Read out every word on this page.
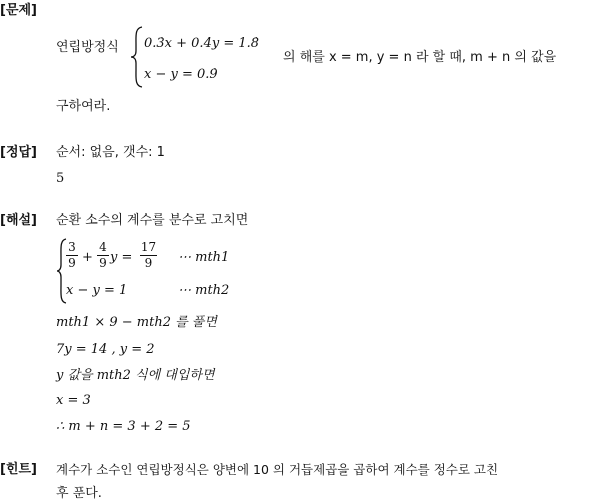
[문제]
연립방정식 0.3̇x + 0.4̇y = 1.8̇
x − y = 0.9̇
의 해를 x = m, y = n 라 할 때, m + n 의 값을
구하여라.
[정답] 순서: 없음, 갯수: 1
5
[해설] 순환 소수의 계수를 분수로 고치면
3
9 +
4
9 y =
17
9	⋯ mth1
x − y = 1	⋯ mth2
mth1 × 9 − mth2 를 풀면
7y = 14 , y = 2
y 값을 mth2 식에 대입하면
x = 3
∴ m + n = 3 + 2 = 5
[힌트] 계수가 소수인 연립방정식은 양변에 10 의 거듭제곱을 곱하여 계수를 정수로 고친
후 푼다.
